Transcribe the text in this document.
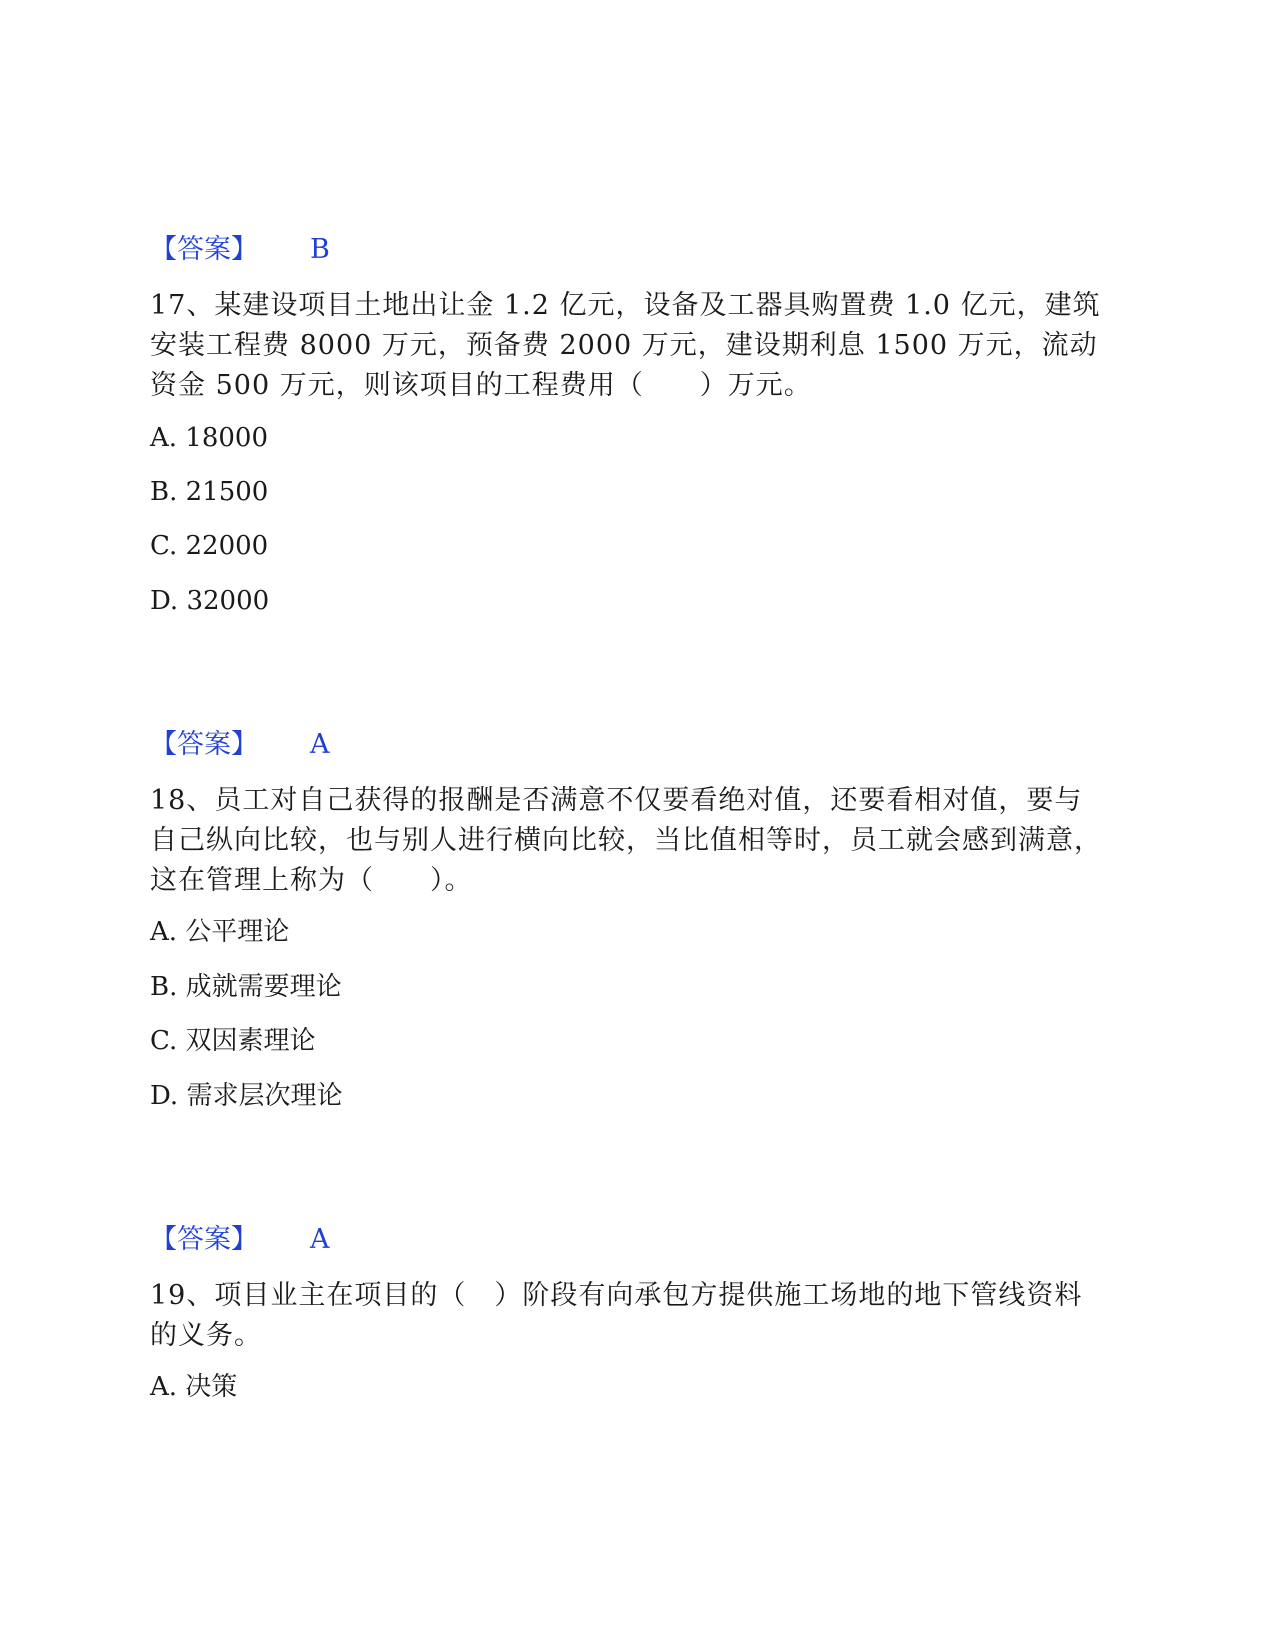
【答案】 B
17、某建设项目土地出让金 1.2 亿元，设备及工器具购置费 1.0 亿元，建筑安装工程费 8000 万元，预备费 2000 万元，建设期利息 1500 万元，流动资金 500 万元，则该项目的工程费用（　　）万元。
A. 18000
B. 21500
C. 22000
D. 32000
【答案】 A
18、员工对自己获得的报酬是否满意不仅要看绝对值，还要看相对值，要与自己纵向比较，也与别人进行横向比较，当比值相等时，员工就会感到满意，这在管理上称为（　　）。
A. 公平理论
B. 成就需要理论
C. 双因素理论
D. 需求层次理论
【答案】 A
19、项目业主在项目的（　）阶段有向承包方提供施工场地的地下管线资料的义务。
A. 决策
